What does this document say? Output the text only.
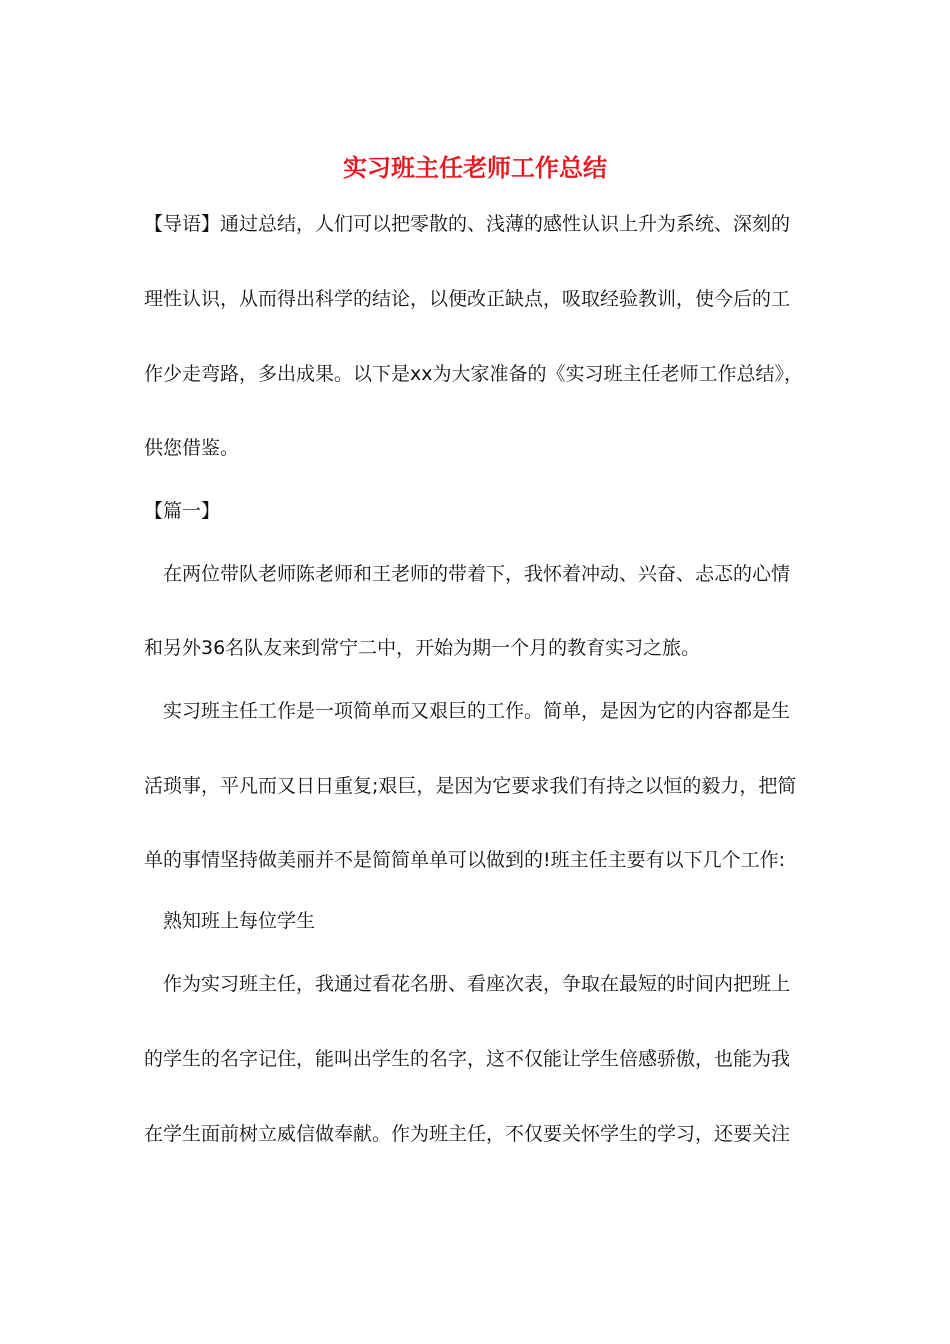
实习班主任老师工作总结

【导语】通过总结，人们可以把零散的、浅薄的感性认识上升为系统、深刻的

理性认识，从而得出科学的结论，以便改正缺点，吸取经验教训，使今后的工

作少走弯路，多出成果。以下是xx为大家准备的《实习班主任老师工作总结》，

供您借鉴。

【篇一】

在两位带队老师陈老师和王老师的带着下，我怀着冲动、兴奋、忐忑的心情

和另外36名队友来到常宁二中，开始为期一个月的教育实习之旅。

实习班主任工作是一项简单而又艰巨的工作。简单，是因为它的内容都是生

活琐事，平凡而又日日重复;艰巨，是因为它要求我们有持之以恒的毅力，把简

单的事情坚持做美丽并不是简简单单可以做到的!班主任主要有以下几个工作:

熟知班上每位学生

作为实习班主任，我通过看花名册、看座次表，争取在最短的时间内把班上

的学生的名字记住，能叫出学生的名字，这不仅能让学生倍感骄傲，也能为我

在学生面前树立威信做奉献。作为班主任，不仅要关怀学生的学习，还要关注
